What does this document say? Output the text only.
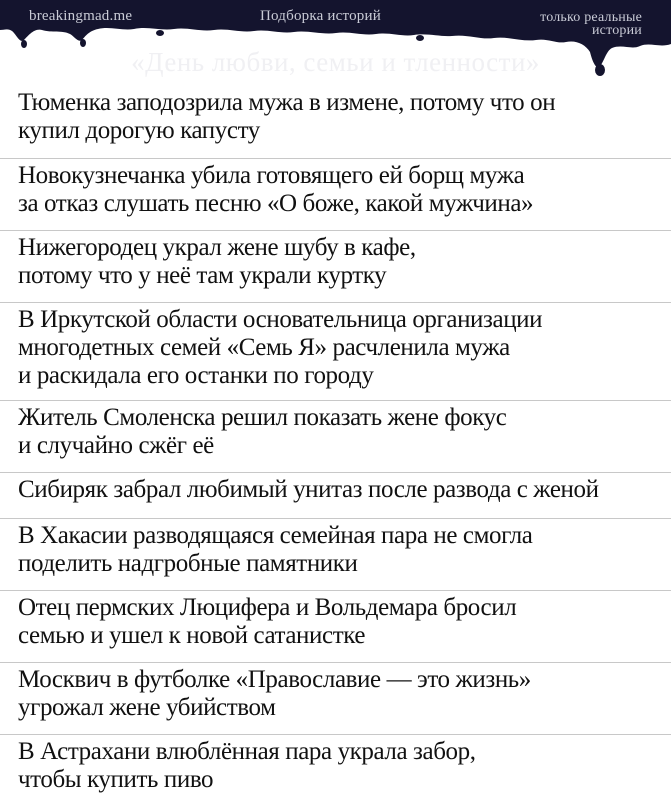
breakingmad.me	Подборка историй	только реальные истории
«День любви, семьи и тленности»
Тюменка заподозрила мужа в измене, потому что он
купил дорогую капусту
Новокузнечанка убила готовящего ей борщ мужа
за отказ слушать песню «О боже, какой мужчина»
Нижегородец украл жене шубу в кафе,
потому что у неё там украли куртку
В Иркутской области основательница организации
многодетных семей «Семь Я» расчленила мужа
и раскидала его останки по городу
Житель Смоленска решил показать жене фокус
и случайно сжёг её
Сибиряк забрал любимый унитаз после развода с женой
В Хакасии разводящаяся семейная пара не смогла
поделить надгробные памятники
Отец пермских Люцифера и Вольдемара бросил
семью и ушел к новой сатанистке
Москвич в футболке «Православие — это жизнь»
угрожал жене убийством
В Астрахани влюблённая пара украла забор,
чтобы купить пиво
